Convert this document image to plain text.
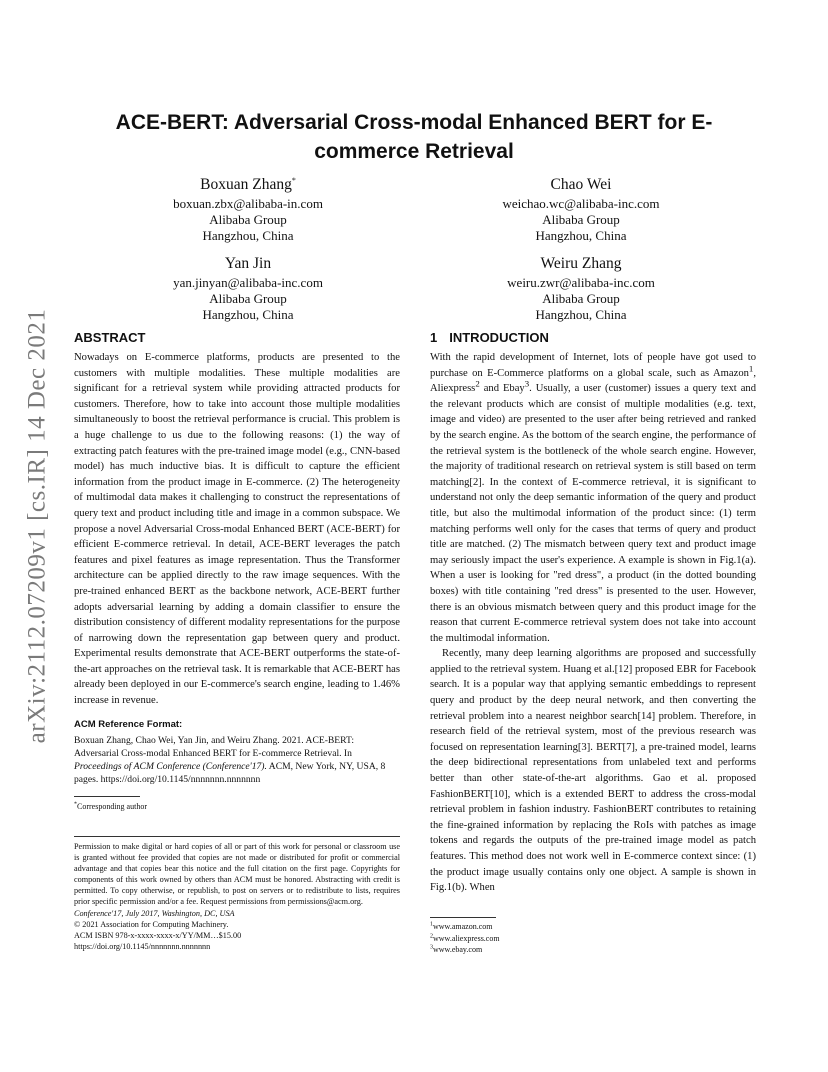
arXiv:2112.07209v1 [cs.IR] 14 Dec 2021
ACE-BERT: Adversarial Cross-modal Enhanced BERT for E-commerce Retrieval
Boxuan Zhang*
boxuan.zbx@alibaba-in.com
Alibaba Group
Hangzhou, China
Chao Wei
weichao.wc@alibaba-inc.com
Alibaba Group
Hangzhou, China
Yan Jin
yan.jinyan@alibaba-inc.com
Alibaba Group
Hangzhou, China
Weiru Zhang
weiru.zwr@alibaba-inc.com
Alibaba Group
Hangzhou, China
ABSTRACT

Nowadays on E-commerce platforms, products are presented to the customers with multiple modalities. These multiple modalities are significant for a retrieval system while providing attracted products for customers. Therefore, how to take into account those multiple modalities simultaneously to boost the retrieval performance is crucial. This problem is a huge challenge to us due to the following reasons: (1) the way of extracting patch features with the pre-trained image model (e.g., CNN-based model) has much inductive bias. It is difficult to capture the efficient information from the product image in E-commerce. (2) The heterogeneity of multimodal data makes it challenging to construct the representations of query text and product including title and image in a common subspace. We propose a novel Adversarial Cross-modal Enhanced BERT (ACE-BERT) for efficient E-commerce retrieval. In detail, ACE-BERT leverages the patch features and pixel features as image representation. Thus the Transformer architecture can be applied directly to the raw image sequences. With the pre-trained enhanced BERT as the backbone network, ACE-BERT further adopts adversarial learning by adding a domain classifier to ensure the distribution consistency of different modality representations for the purpose of narrowing down the representation gap between query and product. Experimental results demonstrate that ACE-BERT outperforms the state-of-the-art approaches on the retrieval task. It is remarkable that ACE-BERT has already been deployed in our E-commerce's search engine, leading to 1.46% increase in revenue.

ACM Reference Format:
Boxuan Zhang, Chao Wei, Yan Jin, and Weiru Zhang. 2021. ACE-BERT: Adversarial Cross-modal Enhanced BERT for E-commerce Retrieval. In Proceedings of ACM Conference (Conference'17). ACM, New York, NY, USA, 8 pages. https://doi.org/10.1145/nnnnnnn.nnnnnnn
*Corresponding author

Permission to make digital or hard copies of all or part of this work for personal or classroom use is granted without fee provided that copies are not made or distributed for profit or commercial advantage and that copies bear this notice and the full citation on the first page. Copyrights for components of this work owned by others than ACM must be honored. Abstracting with credit is permitted. To copy otherwise, or republish, to post on servers or to redistribute to lists, requires prior specific permission and/or a fee. Request permissions from permissions@acm.org.

Conference'17, July 2017, Washington, DC, USA

© 2021 Association for Computing Machinery.

ACM ISBN 978-x-xxxx-xxxx-x/YY/MM…$15.00

https://doi.org/10.1145/nnnnnnn.nnnnnnn

1 INTRODUCTION

With the rapid development of Internet, lots of people have got used to purchase on E-Commerce platforms on a global scale, such as Amazon$^1$, Aliexpress$^2$ and Ebay$^3$. Usually, a user (customer) issues a query text and the relevant products which are consist of multiple modalities (e.g. text, image and video) are presented to the user after being retrieved and ranked by the search engine. As the bottom of the search engine, the performance of the retrieval system is the bottleneck of the whole search engine. However, the majority of traditional research on retrieval system is still based on term matching[2]. In the context of E-commerce retrieval, it is significant to understand not only the deep semantic information of the query and product title, but also the multimodal information of the product since: (1) term matching performs well only for the cases that terms of query and product title are matched. (2) The mismatch between query text and product image may seriously impact the user's experience. A example is shown in Fig.1(a). When a user is looking for "red dress", a product (in the dotted bounding boxes) with title containing "red dress" is presented to the user. However, there is an obvious mismatch between query and this product image for the reason that current E-commerce retrieval system does not take into account the multimodal information.

Recently, many deep learning algorithms are proposed and successfully applied to the retrieval system. Huang et al.[12] proposed EBR for Facebook search. It is a popular way that applying semantic embeddings to represent query and product by the deep neural network, and then converting the retrieval problem into a nearest neighbor search[14] problem. Therefore, in research field of the retrieval system, most of the previous research was focused on representation learning[3]. BERT[7], a pre-trained model, learns the deep bidirectional representations from unlabeled text and performs better than other state-of-the-art algorithms. Gao et al. proposed FashionBERT[10], which is a extended BERT to address the cross-modal retrieval problem in fashion industry. FashionBERT contributes to retaining the fine-grained information by replacing the RoIs with patches as image tokens and regards the outputs of the pre-trained image model as patch features. This method does not work well in E-commerce context since: (1) the product image usually contains only one object. A sample is shown in Fig.1(b). When

$^1$www.amazon.com
$^2$www.aliexpress.com
$^3$www.ebay.com
